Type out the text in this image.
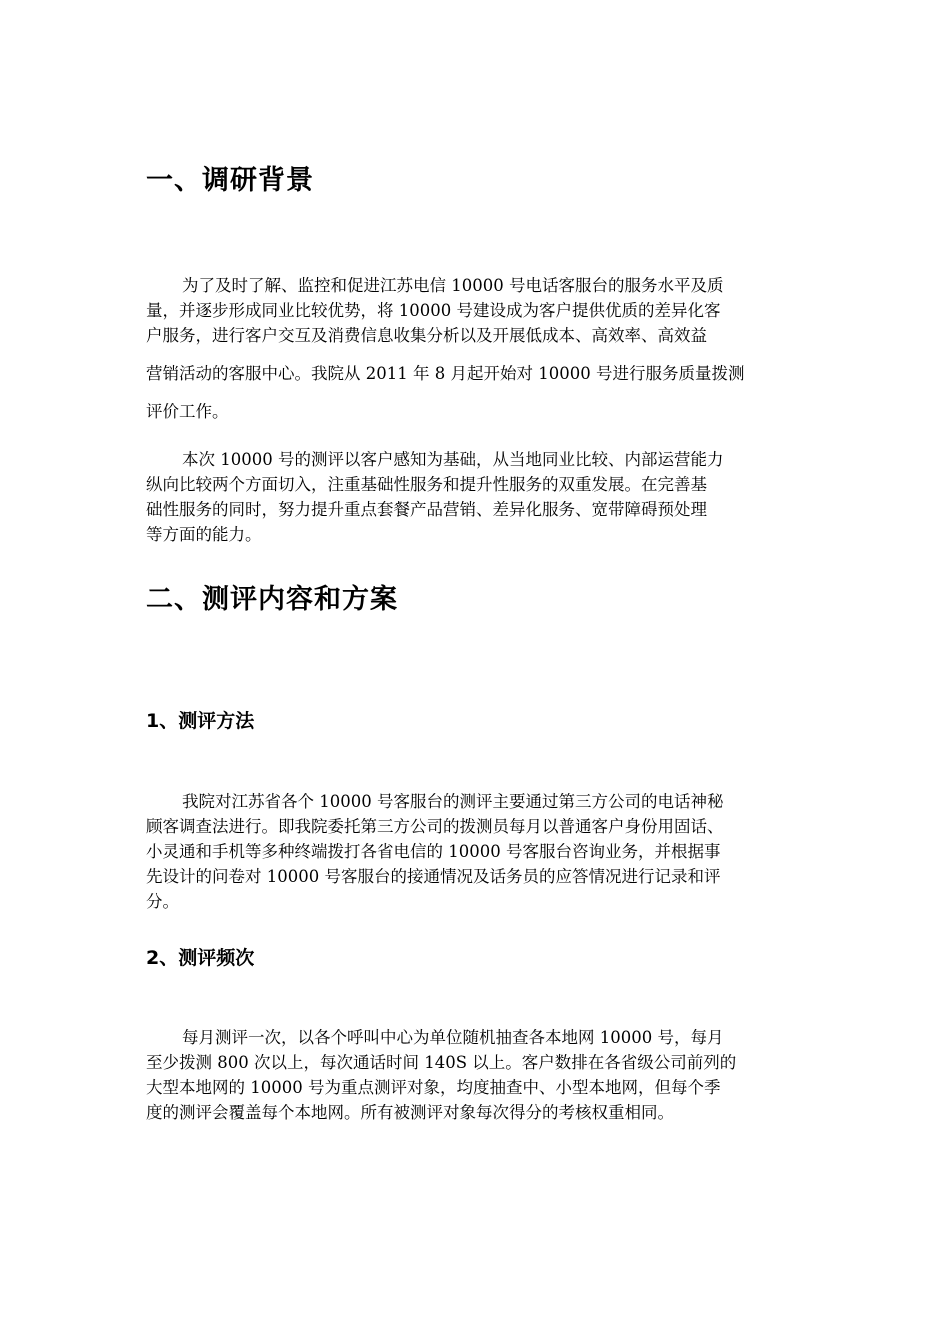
一、调研背景
为了及时了解、监控和促进江苏电信 10000 号电话客服台的服务水平及质
量，并逐步形成同业比较优势，将 10000 号建设成为客户提供优质的差异化客
户服务，进行客户交互及消费信息收集分析以及开展低成本、高效率、高效益
营销活动的客服中心。我院从 2011 年 8 月起开始对 10000 号进行服务质量拨测
评价工作。
本次 10000 号的测评以客户感知为基础，从当地同业比较、内部运营能力
纵向比较两个方面切入，注重基础性服务和提升性服务的双重发展。在完善基
础性服务的同时，努力提升重点套餐产品营销、差异化服务、宽带障碍预处理
等方面的能力。
二、测评内容和方案
1、测评方法
我院对江苏省各个 10000 号客服台的测评主要通过第三方公司的电话神秘
顾客调查法进行。即我院委托第三方公司的拨测员每月以普通客户身份用固话、
小灵通和手机等多种终端拨打各省电信的 10000 号客服台咨询业务，并根据事
先设计的问卷对 10000 号客服台的接通情况及话务员的应答情况进行记录和评
分。
2、测评频次
每月测评一次，以各个呼叫中心为单位随机抽查各本地网 10000 号，每月
至少拨测 800 次以上，每次通话时间 140S 以上。客户数排在各省级公司前列的
大型本地网的 10000 号为重点测评对象，均度抽查中、小型本地网，但每个季
度的测评会覆盖每个本地网。所有被测评对象每次得分的考核权重相同。
